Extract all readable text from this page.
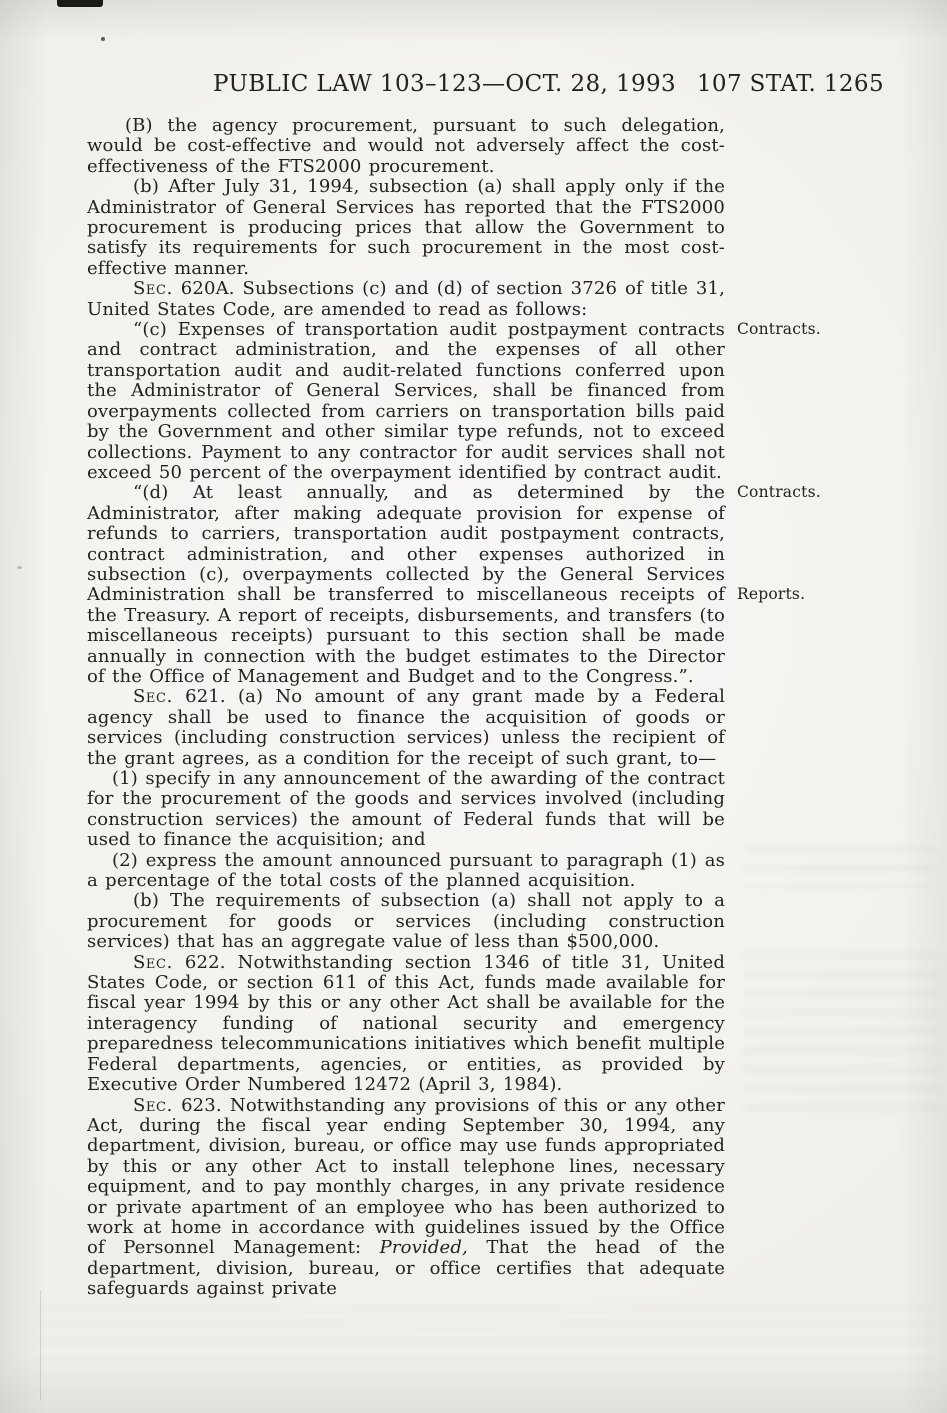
PUBLIC LAW 103–123—OCT. 28, 1993 107 STAT. 1265

(B) the agency procurement, pursuant to such delegation, would be cost-effective and would not adversely affect the cost-effectiveness of the FTS2000 procurement.

(b) After July 31, 1994, subsection (a) shall apply only if the Administrator of General Services has reported that the FTS2000 procurement is producing prices that allow the Government to satisfy its requirements for such procurement in the most cost-effective manner.

Sec. 620A. Subsections (c) and (d) of section 3726 of title 31, United States Code, are amended to read as follows:

“(c) Expenses of transportation audit postpayment contracts and contract administration, and the expenses of all other transportation audit and audit-related functions conferred upon the Administrator of General Services, shall be financed from overpayments collected from carriers on transportation bills paid by the Government and other similar type refunds, not to exceed collections. Payment to any contractor for audit services shall not exceed 50 percent of the overpayment identified by contract audit.
Contracts.

“(d) At least annually, and as determined by the Administrator, after making adequate provision for expense of refunds to carriers, transportation audit postpayment contracts, contract administration, and other expenses authorized in subsection (c), overpayments collected by the General Services Administration shall be transferred to miscellaneous receipts of the Treasury. A report of receipts, disbursements, and transfers (to miscellaneous receipts) pursuant to this section shall be made annually in connection with the budget estimates to the Director of the Office of Management and Budget and to the Congress.”.
Contracts.
Reports.

Sec. 621. (a) No amount of any grant made by a Federal agency shall be used to finance the acquisition of goods or services (including construction services) unless the recipient of the grant agrees, as a condition for the receipt of such grant, to—

(1) specify in any announcement of the awarding of the contract for the procurement of the goods and services involved (including construction services) the amount of Federal funds that will be used to finance the acquisition; and

(2) express the amount announced pursuant to paragraph (1) as a percentage of the total costs of the planned acquisition.

(b) The requirements of subsection (a) shall not apply to a procurement for goods or services (including construction services) that has an aggregate value of less than $500,000.

Sec. 622. Notwithstanding section 1346 of title 31, United States Code, or section 611 of this Act, funds made available for fiscal year 1994 by this or any other Act shall be available for the interagency funding of national security and emergency preparedness telecommunications initiatives which benefit multiple Federal departments, agencies, or entities, as provided by Executive Order Numbered 12472 (April 3, 1984).

Sec. 623. Notwithstanding any provisions of this or any other Act, during the fiscal year ending September 30, 1994, any department, division, bureau, or office may use funds appropriated by this or any other Act to install telephone lines, necessary equipment, and to pay monthly charges, in any private residence or private apartment of an employee who has been authorized to work at home in accordance with guidelines issued by the Office of Personnel Management: Provided, That the head of the department, division, bureau, or office certifies that adequate safeguards against private
